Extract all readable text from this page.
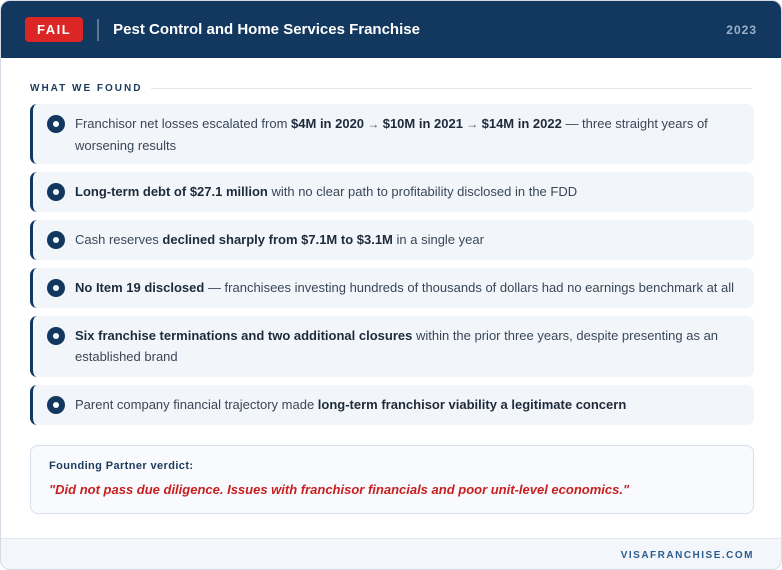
FAIL	Pest Control and Home Services Franchise	2023
WHAT WE FOUND
Franchisor net losses escalated from $4M in 2020 → $10M in 2021 → $14M in 2022 — three straight years of worsening results
Long-term debt of $27.1 million with no clear path to profitability disclosed in the FDD
Cash reserves declined sharply from $7.1M to $3.1M in a single year
No Item 19 disclosed — franchisees investing hundreds of thousands of dollars had no earnings benchmark at all
Six franchise terminations and two additional closures within the prior three years, despite presenting as an established brand
Parent company financial trajectory made long-term franchisor viability a legitimate concern
Founding Partner verdict:
"Did not pass due diligence. Issues with franchisor financials and poor unit-level economics."
VISAFRANCHISE.COM
